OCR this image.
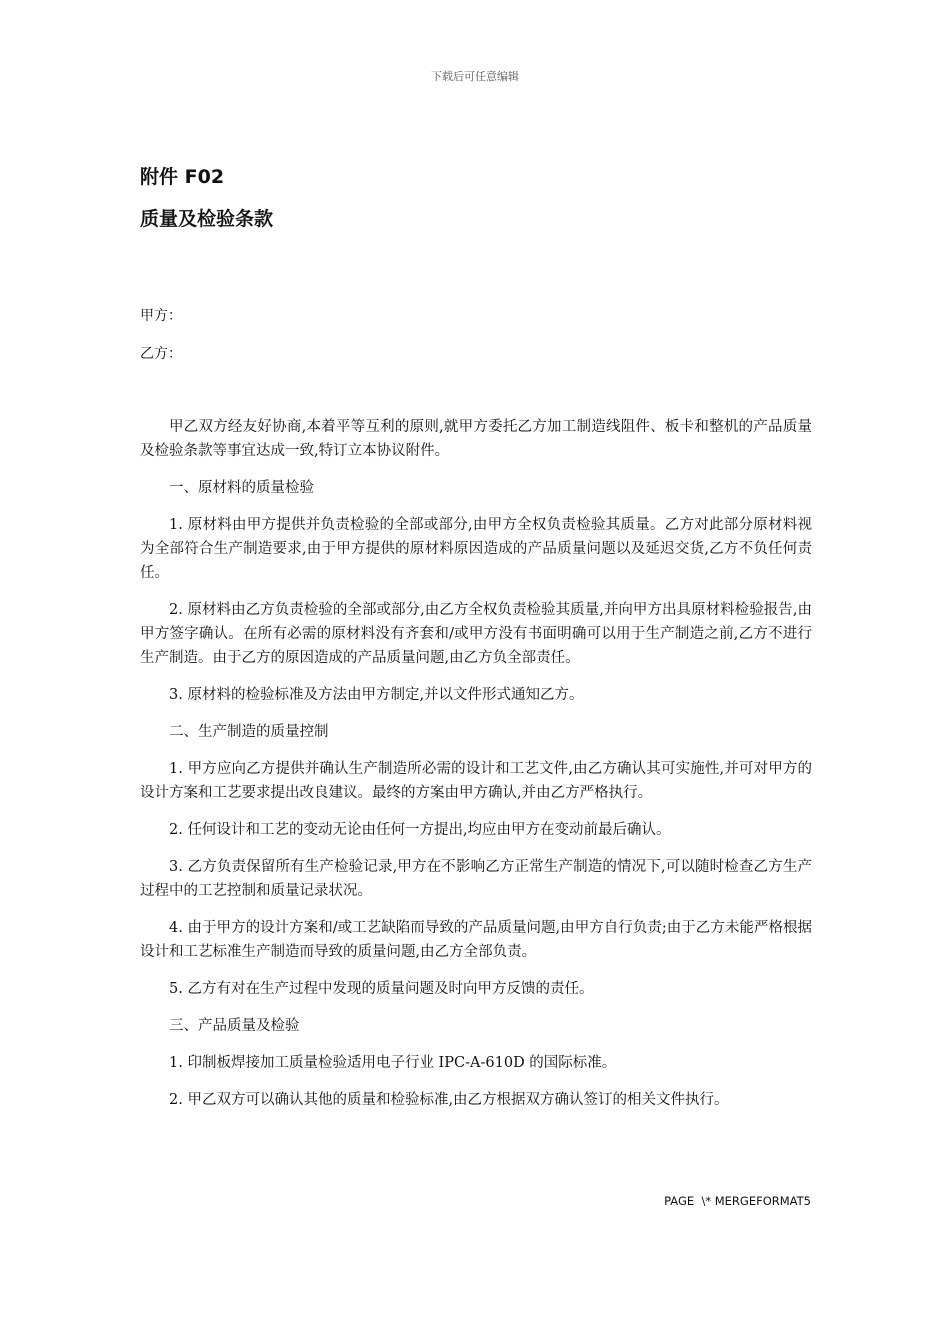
下载后可任意编辑
附件 F02
质量及检验条款
甲方：
乙方：

甲乙双方经友好协商,本着平等互利的原则,就甲方委托乙方加工制造线阻件、板卡和整机的产品质量及检验条款等事宜达成一致,特订立本协议附件。

一、原材料的质量检验

1. 原材料由甲方提供并负责检验的全部或部分,由甲方全权负责检验其质量。乙方对此部分原材料视为全部符合生产制造要求,由于甲方提供的原材料原因造成的产品质量问题以及延迟交货,乙方不负任何责任。

2. 原材料由乙方负责检验的全部或部分,由乙方全权负责检验其质量,并向甲方出具原材料检验报告,由甲方签字确认。在所有必需的原材料没有齐套和/或甲方没有书面明确可以用于生产制造之前,乙方不进行生产制造。由于乙方的原因造成的产品质量问题,由乙方负全部责任。

3. 原材料的检验标准及方法由甲方制定,并以文件形式通知乙方。

二、生产制造的质量控制

1. 甲方应向乙方提供并确认生产制造所必需的设计和工艺文件,由乙方确认其可实施性,并可对甲方的设计方案和工艺要求提出改良建议。最终的方案由甲方确认,并由乙方严格执行。

2. 任何设计和工艺的变动无论由任何一方提出,均应由甲方在变动前最后确认。

3. 乙方负责保留所有生产检验记录,甲方在不影响乙方正常生产制造的情况下,可以随时检查乙方生产过程中的工艺控制和质量记录状况。

4. 由于甲方的设计方案和/或工艺缺陷而导致的产品质量问题,由甲方自行负责;由于乙方未能严格根据设计和工艺标准生产制造而导致的质量问题,由乙方全部负责。

5. 乙方有对在生产过程中发现的质量问题及时向甲方反馈的责任。

三、产品质量及检验

1. 印制板焊接加工质量检验适用电子行业 IPC-A-610D 的国际标准。

2. 甲乙双方可以确认其他的质量和检验标准,由乙方根据双方确认签订的相关文件执行。

PAGE  \* MERGEFORMAT5
